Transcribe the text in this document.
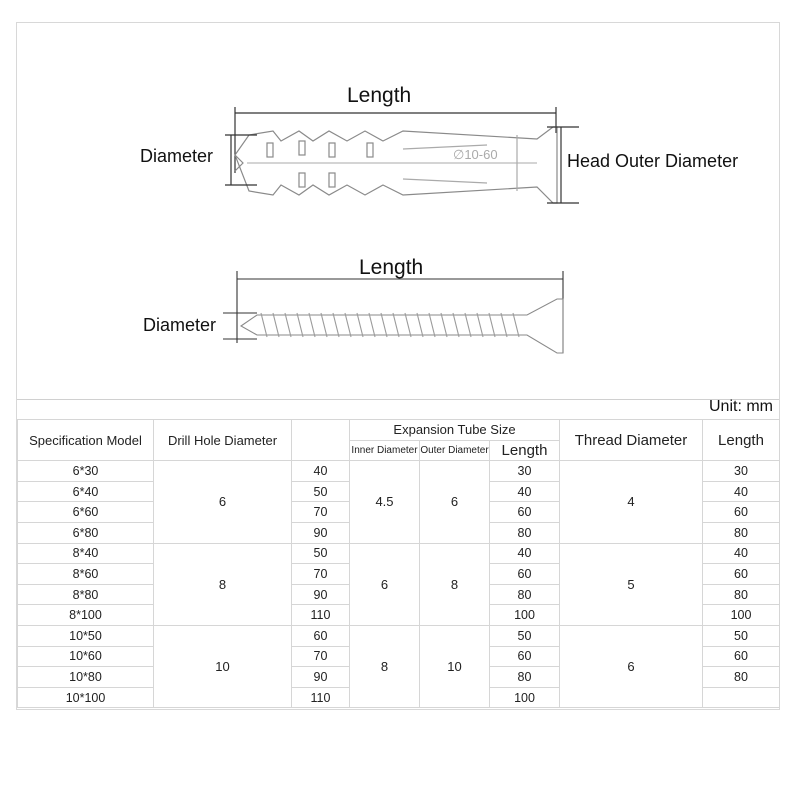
∅10-60
Length
Diameter	Head Outer Diameter
Length
Diameter
Unit: mm
Specification Model	Drill Hole Diameter		Expansion Tube Size			Thread Diameter	Length
			Inner Diameter	Outer Diameter	Length		
6*30	6	40	4.5	6	30	4	30
6*40		50			40		40
6*60		70			60		60
6*80		90			80		80
8*40	8	50	6	8	40	5	40
8*60		70			60		60
8*80		90			80		80
8*100		110			100		100
10*50	10	60	8	10	50	6	50
10*60		70			60		60
10*80		90			80		80
10*100		110			100		
